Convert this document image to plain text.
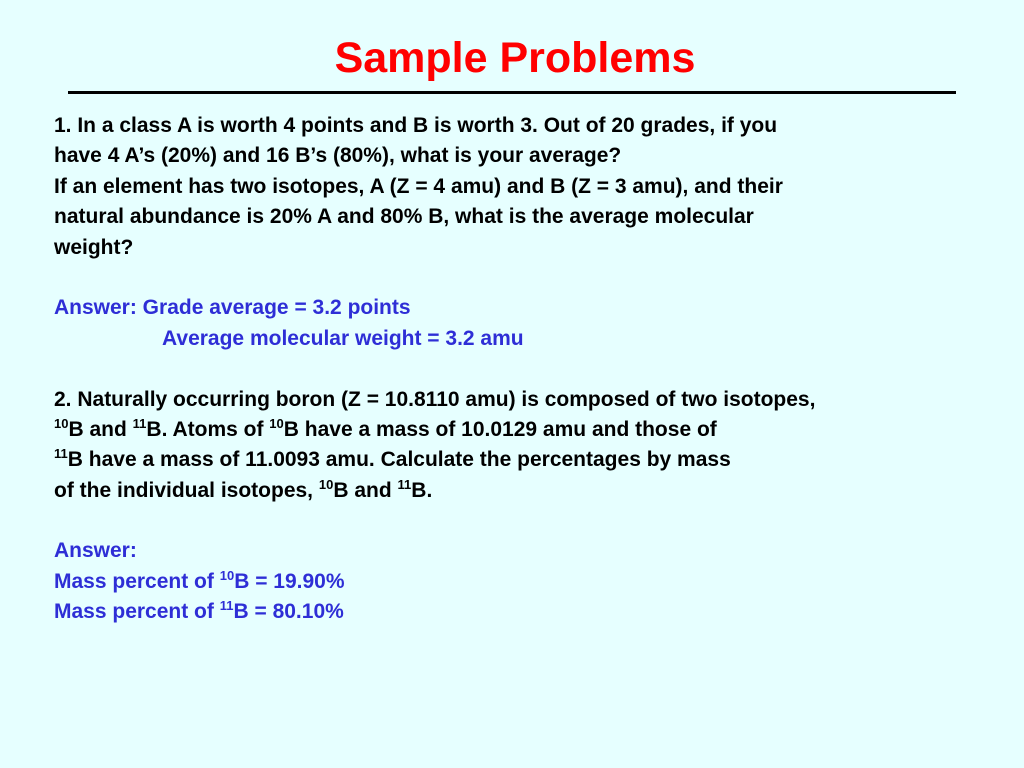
Sample Problems
1. In a class A is worth 4 points and B is worth 3. Out of 20 grades, if you
have 4 A’s (20%) and 16 B’s (80%), what is your average?
If an element has two isotopes, A (Z = 4 amu) and B (Z = 3 amu), and their
natural abundance is 20% A and 80% B, what is the average molecular
weight?
Answer: Grade average = 3.2 points
Average molecular weight = 3.2 amu
2. Naturally occurring boron (Z = 10.8110 amu) is composed of two isotopes,
$^{10}$B and $^{11}$B. Atoms of $^{10}$B have a mass of 10.0129 amu and those of
$^{11}$B have a mass of 11.0093 amu. Calculate the percentages by mass
of the individual isotopes, $^{10}$B and $^{11}$B.
Answer:
Mass percent of $^{10}$B = 19.90%
Mass percent of $^{11}$B = 80.10%
